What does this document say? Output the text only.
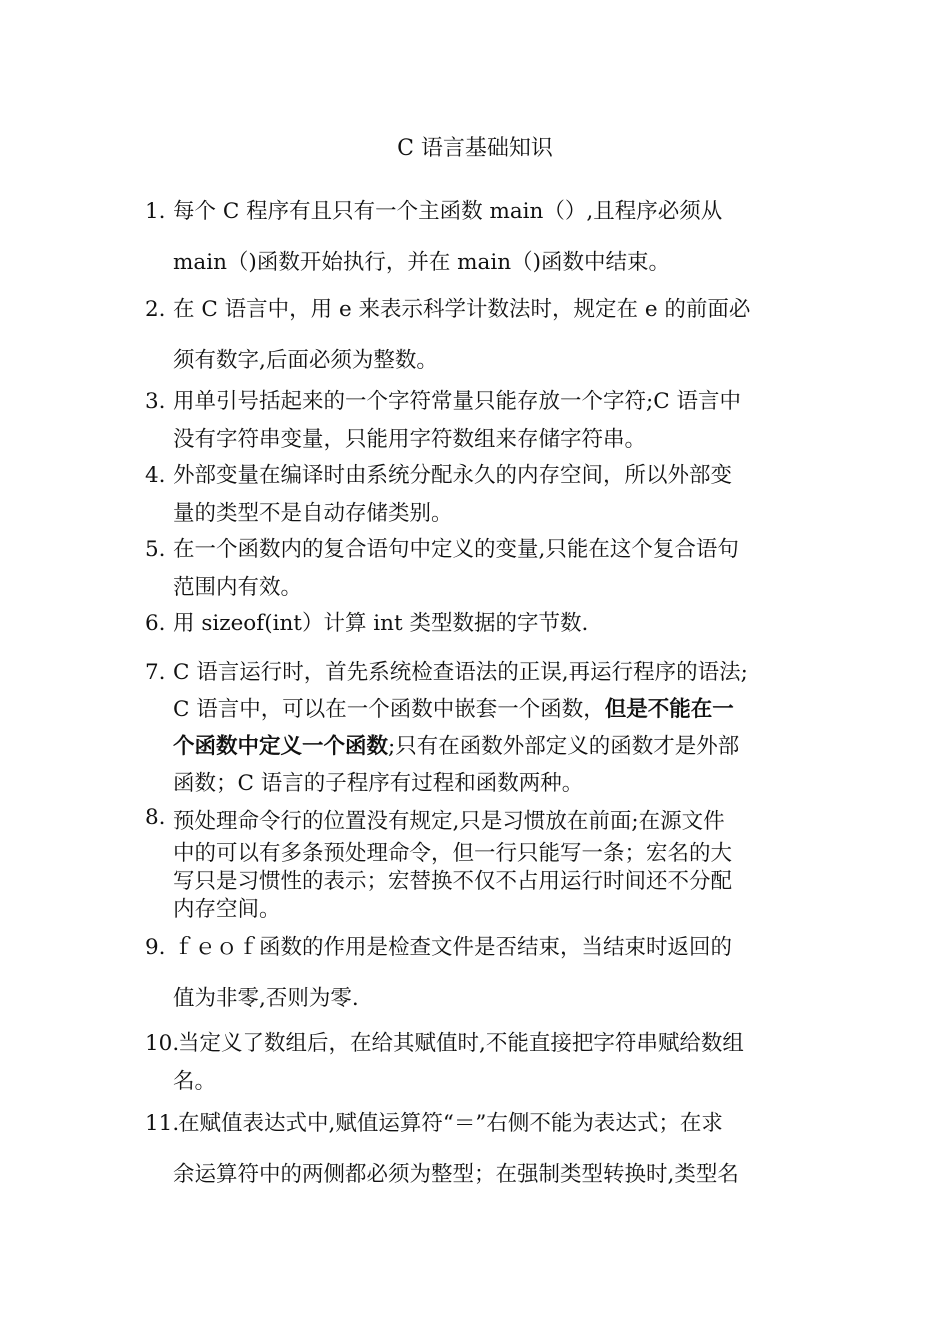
C 语言基础知识
1. 每个 C 程序有且只有一个主函数 main（）,且程序必须从
main（)函数开始执行，并在 main（)函数中结束。
2. 在 C 语言中，用 e 来表示科学计数法时，规定在 e 的前面必
须有数字,后面必须为整数。
3. 用单引号括起来的一个字符常量只能存放一个字符;C 语言中
没有字符串变量，只能用字符数组来存储字符串。
4. 外部变量在编译时由系统分配永久的内存空间，所以外部变
量的类型不是自动存储类别。
5. 在一个函数内的复合语句中定义的变量,只能在这个复合语句
范围内有效。
6. 用 sizeof(int）计算 int 类型数据的字节数.
7. C 语言运行时，首先系统检查语法的正误,再运行程序的语法;
C 语言中，可以在一个函数中嵌套一个函数，但是不能在一
个函数中定义一个函数;只有在函数外部定义的函数才是外部
函数；C 语言的子程序有过程和函数两种。
8. 预处理命令行的位置没有规定,只是习惯放在前面;在源文件
中的可以有多条预处理命令，但一行只能写一条；宏名的大
写只是习惯性的表示；宏替换不仅不占用运行时间还不分配
内存空间。
9. ｆｅｏｆ函数的作用是检查文件是否结束，当结束时返回的
值为非零,否则为零.
10.
当定义了数组后，在给其赋值时,不能直接把字符串赋给数组
名。
11.
在赋值表达式中,赋值运算符“＝”右侧不能为表达式；在求
余运算符中的两侧都必须为整型；在强制类型转换时,类型名
